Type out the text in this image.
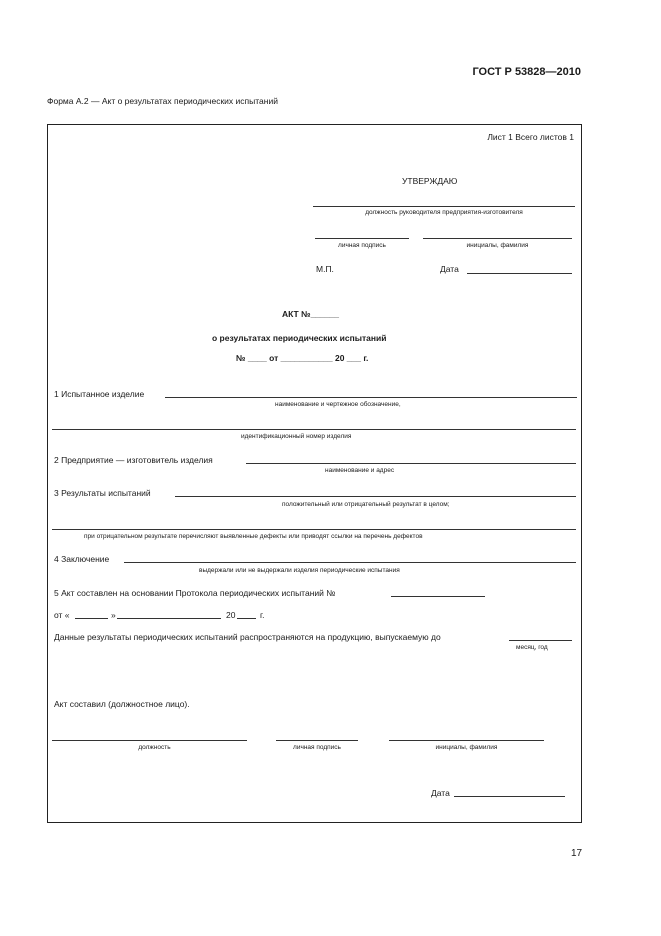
ГОСТ Р 53828—2010
Форма А.2 — Акт о результатах периодических испытаний
Лист 1 Всего листов 1
УТВЕРЖДАЮ
должность руководителя предприятия-изготовителя
личная подпись	инициалы, фамилия
М.П.	Дата
АКТ №______
о результатах периодических испытаний
№ ____ от ___________ 20 ___ г.
1 Испытанное изделие
наименование и чертежное обозначение,
идентификационный номер изделия
2 Предприятие — изготовитель изделия
наименование и адрес
3 Результаты испытаний
положительный или отрицательный результат в целом;
при отрицательном результате перечисляют выявленные дефекты или приводят ссылки на перечень дефектов
4 Заключение
выдержали или не выдержали изделия периодические испытания
5 Акт составлен на основании Протокола периодических испытаний №
от «	»	20	г.
Данные результаты периодических испытаний распространяются на продукцию, выпускаемую до
месяц, год
Акт составил (должностное лицо).
должность	личная подпись	инициалы, фамилия
Дата
17
